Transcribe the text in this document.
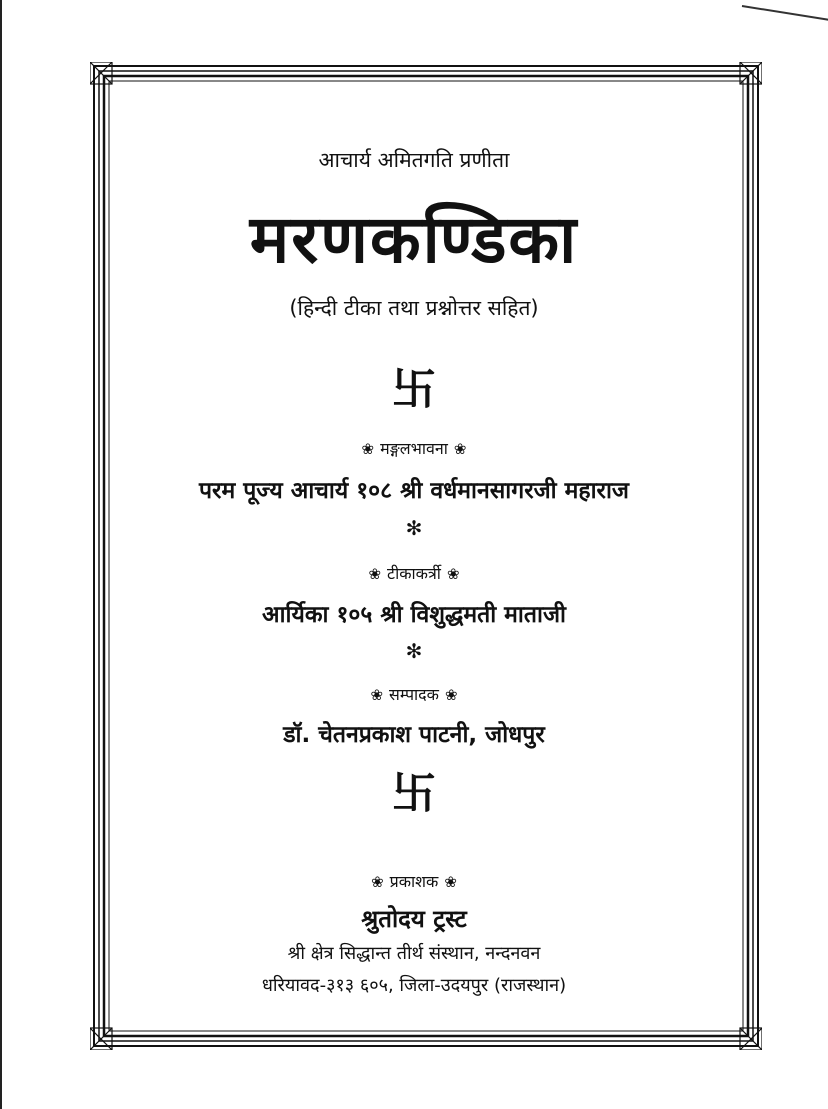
आचार्य अमितगति प्रणीता
मरणकण्डिका
(हिन्दी टीका तथा प्रश्नोत्तर सहित)
卐
❀ मङ्गलभावना ❀
परम पूज्य आचार्य १०८ श्री वर्धमानसागरजी महाराज
✻
❀ टीकाकर्त्री ❀
आर्यिका १०५ श्री विशुद्धमती माताजी
✻
❀ सम्पादक ❀
डॉ. चेतनप्रकाश पाटनी, जोधपुर
卐
❀ प्रकाशक ❀
श्रुतोदय ट्रस्ट
श्री क्षेत्र सिद्धान्त तीर्थ संस्थान, नन्दनवन
धरियावद-३१३ ६०५, जिला-उदयपुर (राजस्थान)
